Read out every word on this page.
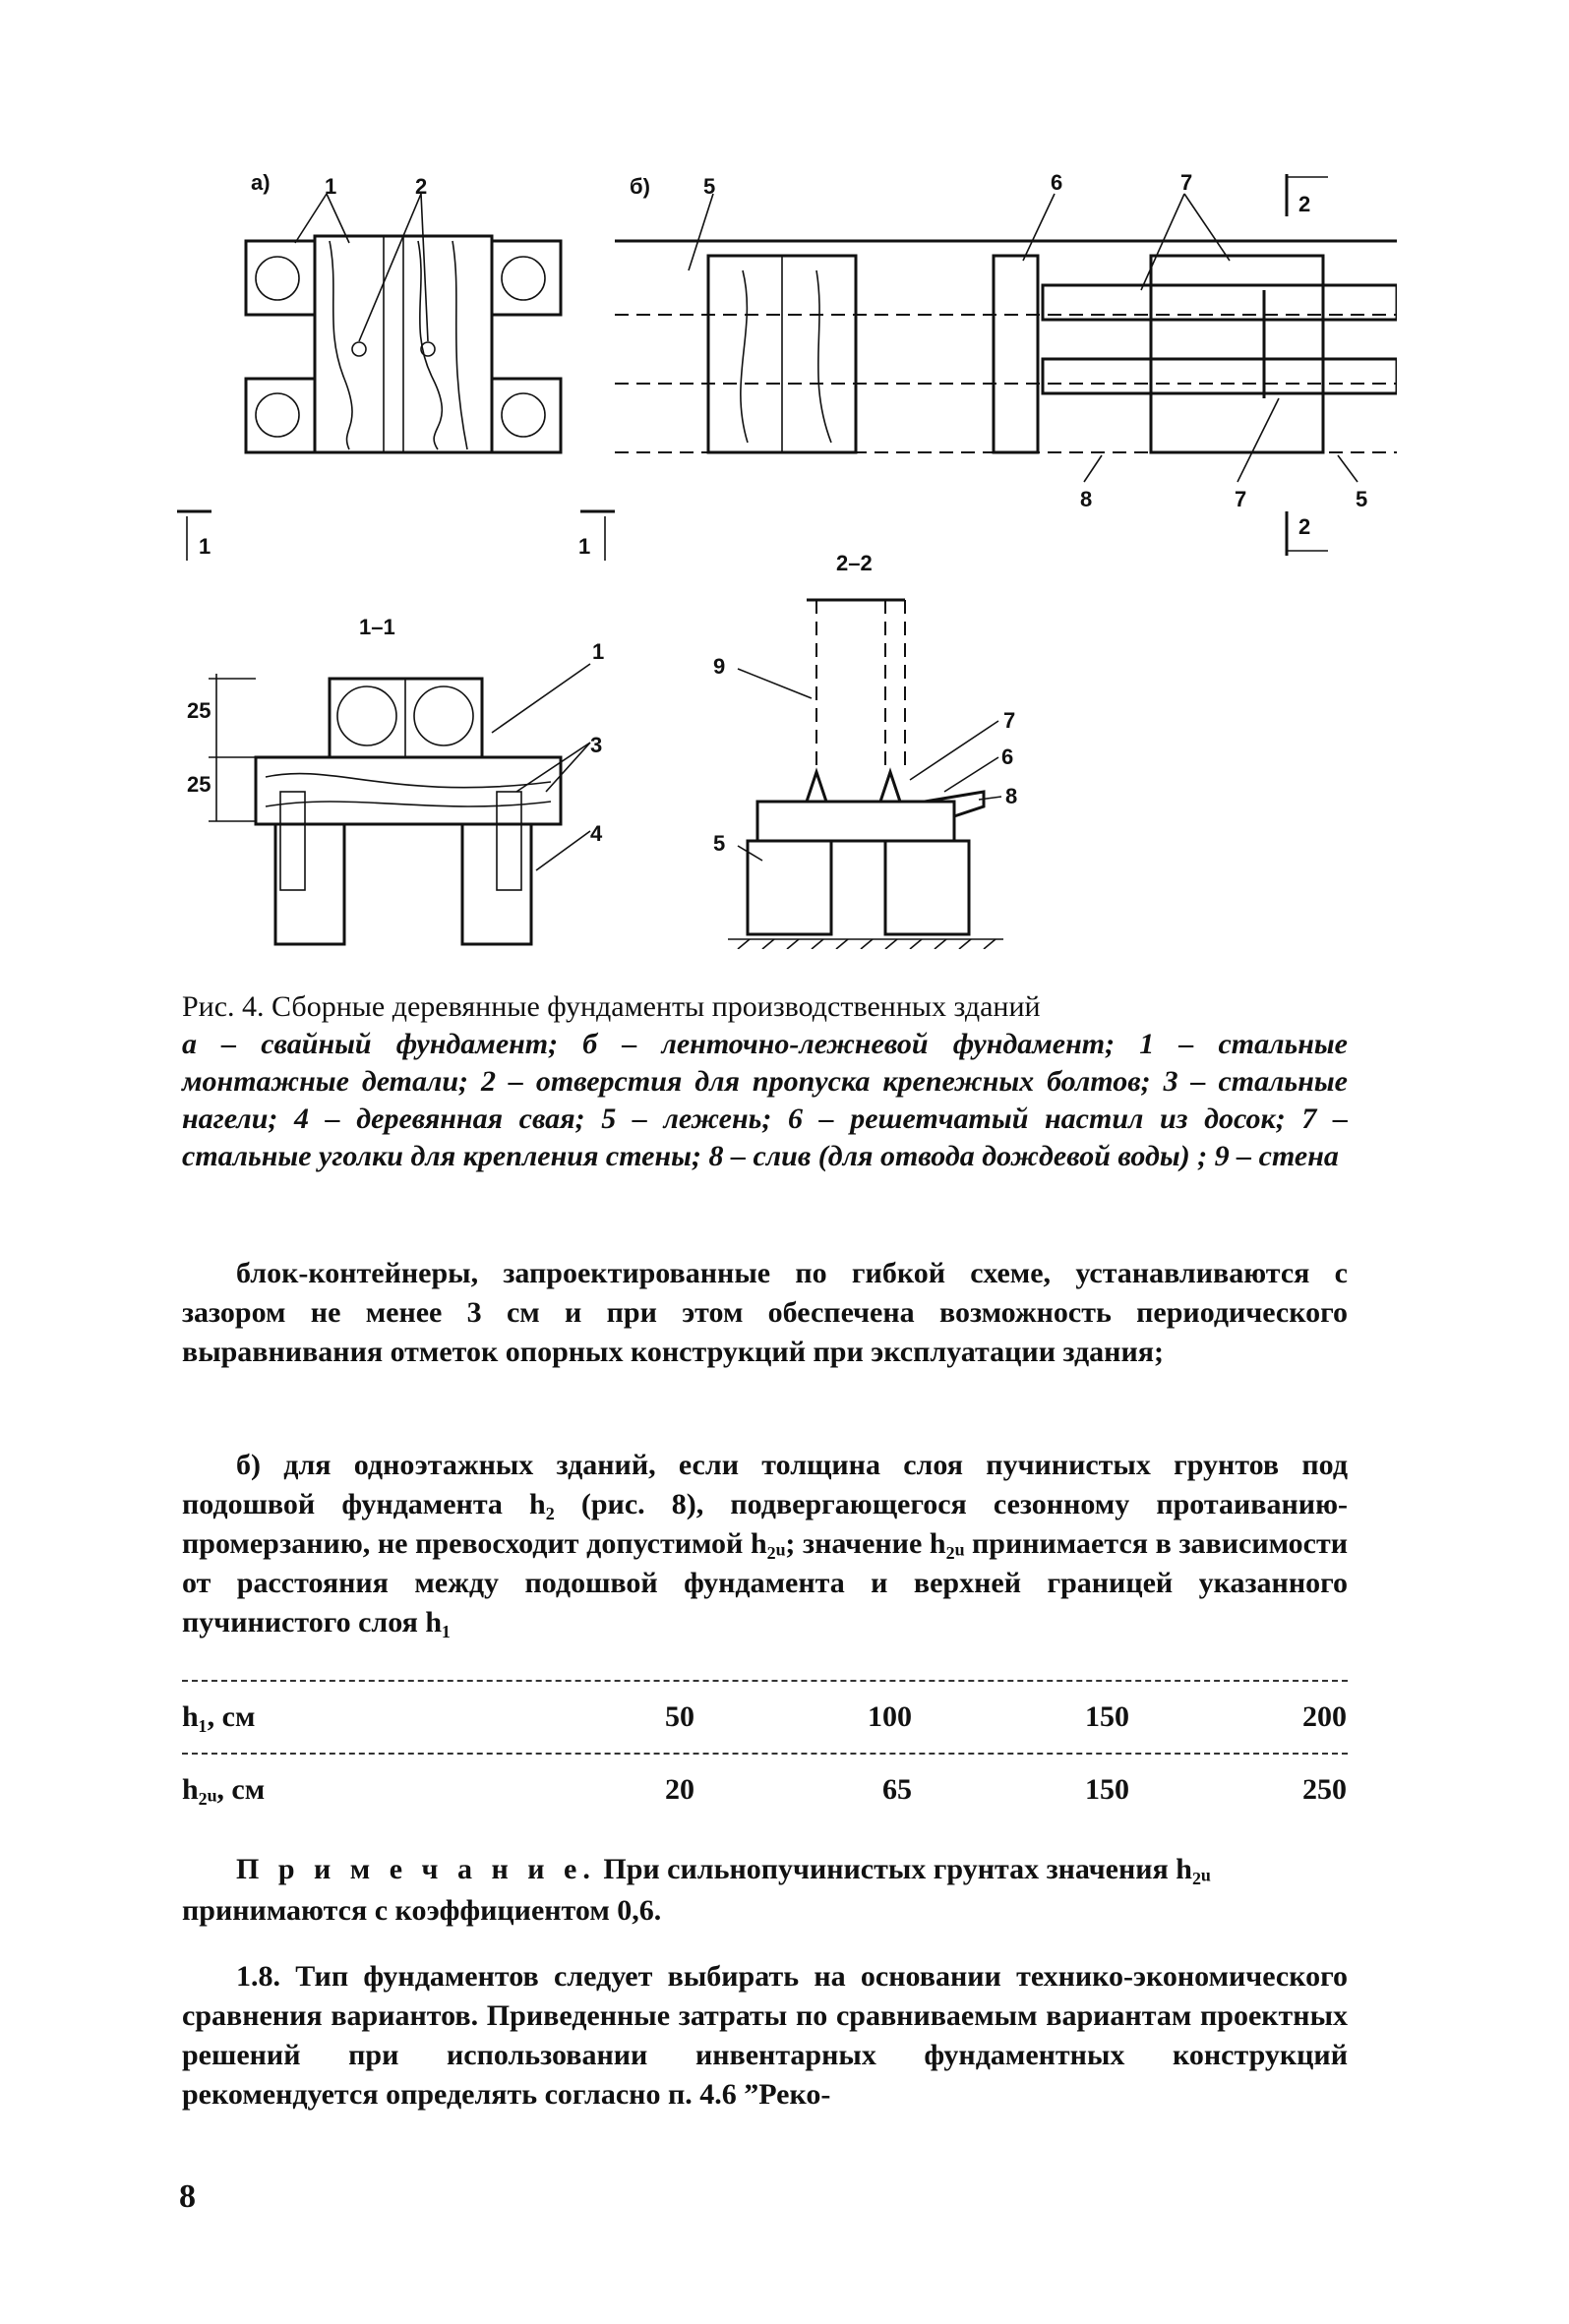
а)	1	2
1	1
б) 5	6	7
8	7	5
2
2
1–1
1
3
4
25
25
2–2
9
7
6
8
5
Рис. 4. Сборные деревянные фундаменты производственных зданий
а – свайный фундамент; б – ленточно-лежневой фундамент; 1 – стальные монтажные детали; 2 – отверстия для пропуска крепежных болтов; 3 – стальные нагели; 4 – деревянная свая; 5 – лежень; 6 – решетчатый настил из досок; 7 – стальные уголки для крепления стены; 8 – слив (для отвода дождевой воды) ; 9 – стена
блок-контейнеры, запроектированные по гибкой схеме, устанавливаются с зазором не менее 3 см и при этом обеспечена возможность периодического выравнивания отметок опорных конструкций при эксплуатации здания;
б) для одноэтажных зданий, если толщина слоя пучинистых грунтов под подошвой фундамента h₂ (рис. 8), подвергающегося сезонному протаиванию-промерзанию, не превосходит допустимой h₂ᵤ; значение h₂ᵤ принимается в зависимости от расстояния между подошвой фундамента и верхней границей указанного пучинистого слоя h₁
h₁, см	50	100	150	200
h₂ᵤ, см	20	65	150	250
П р и м е ч а н и е. При сильнопучинистых грунтах значения h₂ᵤ принимаются с коэффициентом 0,6.
1.8. Тип фундаментов следует выбирать на основании технико-экономического сравнения вариантов. Приведенные затраты по сравниваемым вариантам проектных решений при использовании инвентарных фундаментных конструкций рекомендуется определять согласно п. 4.6 ”Реко-
8
